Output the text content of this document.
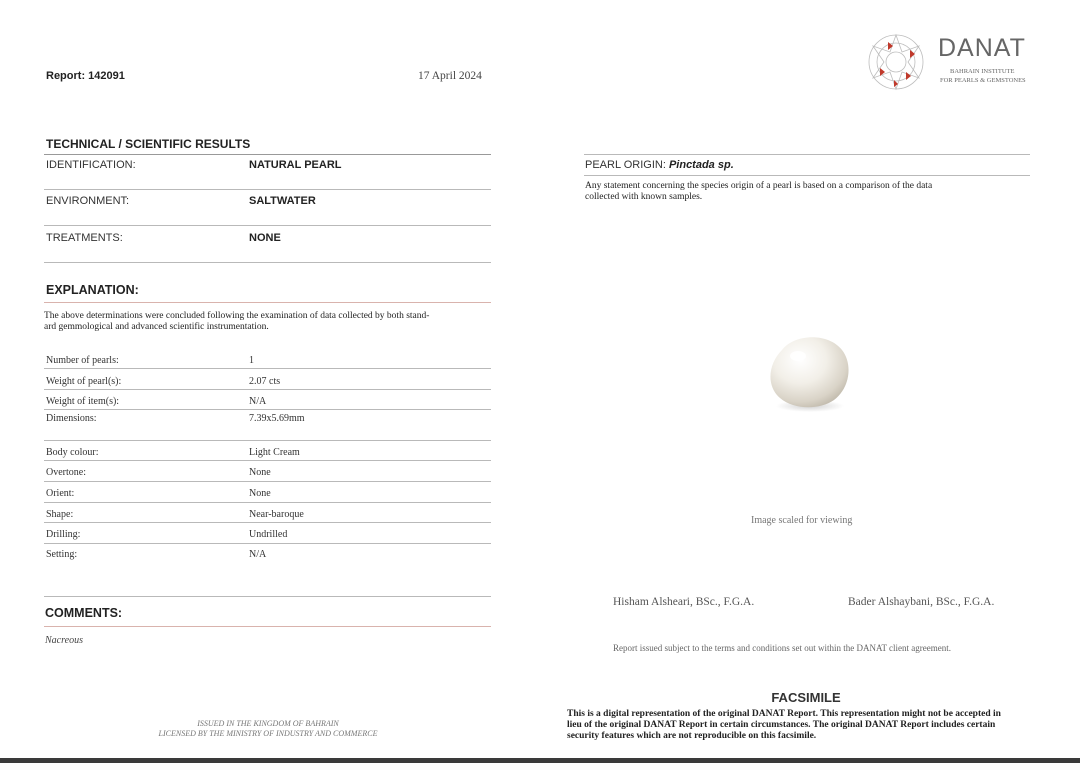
Report: 142091	17 April 2024
DANAT
BAHRAIN INSTITUTE
FOR PEARLS & GEMSTONES
TECHNICAL / SCIENTIFIC RESULTS
IDENTIFICATION:	NATURAL PEARL
ENVIRONMENT:	SALTWATER
TREATMENTS:	NONE
EXPLANATION:
The above determinations were concluded following the examination of data collected by both stand-
ard gemmological and advanced scientific instrumentation.
Number of pearls:	1
Weight of pearl(s):	2.07 cts
Weight of item(s):	N/A
Dimensions:	7.39x5.69mm
Body colour:	Light Cream
Overtone:	None
Orient:	None
Shape:	Near-baroque
Drilling:	Undrilled
Setting:	N/A
COMMENTS:
Nacreous
ISSUED IN THE KINGDOM OF BAHRAIN
LICENSED BY THE MINISTRY OF INDUSTRY AND COMMERCE
PEARL ORIGIN: Pinctada sp.
Any statement concerning the species origin of a pearl is based on a comparison of the data
collected with known samples.
Image scaled for viewing
Hisham Alsheari, BSc., F.G.A.	Bader Alshaybani, BSc., F.G.A.
Report issued subject to the terms and conditions set out within the DANAT client agreement.
FACSIMILE
This is a digital representation of the original DANAT Report. This representation might not be accepted in
lieu of the original DANAT Report in certain circumstances. The original DANAT Report includes certain
security features which are not reproducible on this facsimile.
